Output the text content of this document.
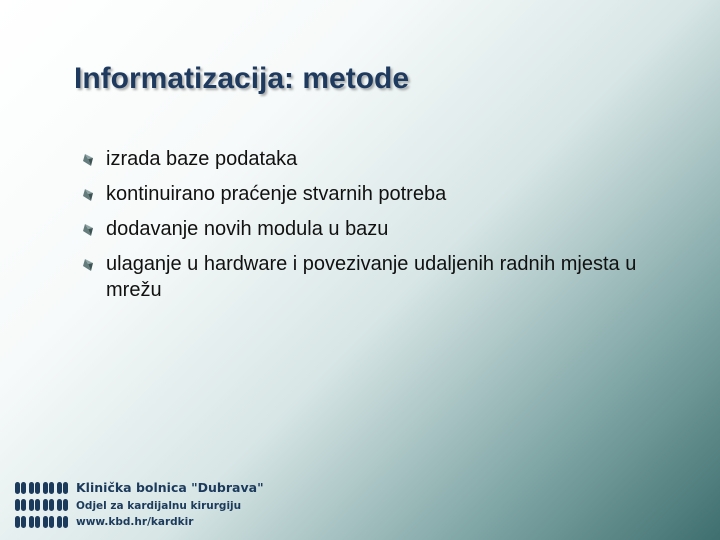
Informatizacija: metode
izrada baze podataka
kontinuirano praćenje stvarnih potreba
dodavanje novih modula u bazu
ulaganje u hardware i povezivanje udaljenih radnih mjesta u mrežu
Klinička bolnica "Dubrava"
Odjel za kardijalnu kirurgiju
www.kbd.hr/kardkir
